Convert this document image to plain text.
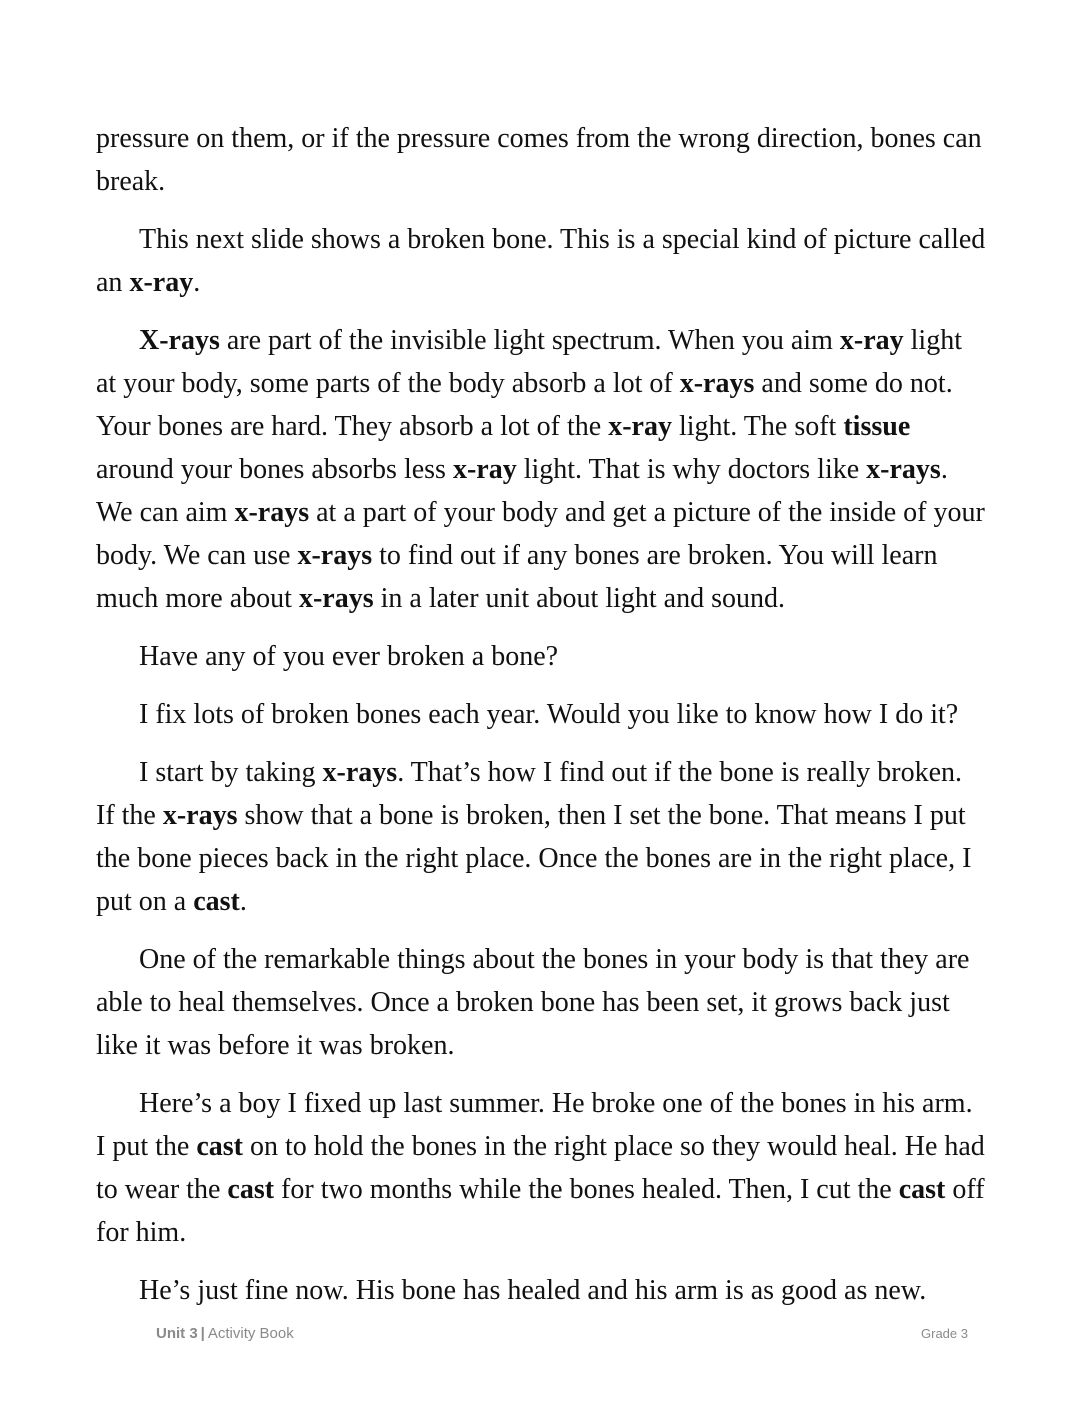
pressure on them, or if the pressure comes from the wrong direction, bones can break.

This next slide shows a broken bone. This is a special kind of picture called an x-ray.

X-rays are part of the invisible light spectrum. When you aim x-ray light at your body, some parts of the body absorb a lot of x-rays and some do not. Your bones are hard. They absorb a lot of the x-ray light. The soft tissue around your bones absorbs less x-ray light. That is why doctors like x-rays. We can aim x-rays at a part of your body and get a picture of the inside of your body. We can use x-rays to find out if any bones are broken. You will learn much more about x-rays in a later unit about light and sound.

Have any of you ever broken a bone?

I fix lots of broken bones each year. Would you like to know how I do it?

I start by taking x-rays. That’s how I find out if the bone is really broken. If the x-rays show that a bone is broken, then I set the bone. That means I put the bone pieces back in the right place. Once the bones are in the right place, I put on a cast.

One of the remarkable things about the bones in your body is that they are able to heal themselves. Once a broken bone has been set, it grows back just like it was before it was broken.

Here’s a boy I fixed up last summer. He broke one of the bones in his arm. I put the cast on to hold the bones in the right place so they would heal. He had to wear the cast for two months while the bones healed. Then, I cut the cast off for him.

He’s just fine now. His bone has healed and his arm is as good as new.

Unit 3 | Activity Book	Grade 3
